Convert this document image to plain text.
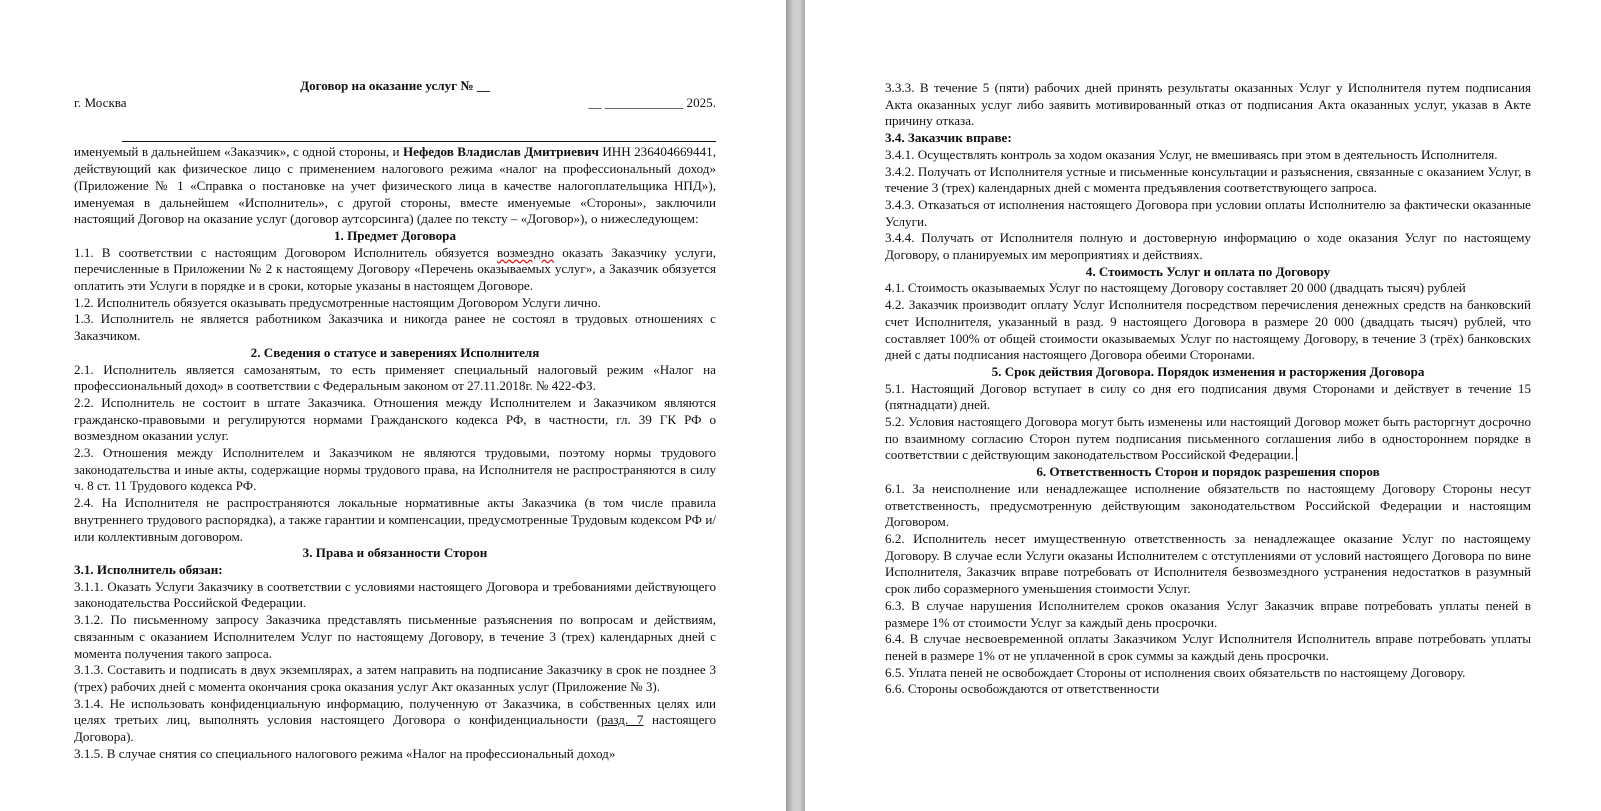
Договор на оказание услуг № __

г. Москва	__ ____________ 2025.

именуемый в дальнейшем «Заказчик», с одной стороны, и Нефедов Владислав Дмитриевич ИНН 236404669441, действующий как физическое лицо с применением налогового режима «налог на профессиональный доход» (Приложение № 1 «Справка о постановке на учет физического лица в качестве налогоплательщика НПД»), именуемая в дальнейшем «Исполнитель», с другой стороны, вместе именуемые «Стороны», заключили настоящий Договор на оказание услуг (договор аутсорсинга) (далее по тексту – «Договор»), о нижеследующем:

1. Предмет Договора

1.1. В соответствии с настоящим Договором Исполнитель обязуется возмездно оказать Заказчику услуги, перечисленные в Приложении № 2 к настоящему Договору «Перечень оказываемых услуг», а Заказчик обязуется оплатить эти Услуги в порядке и в сроки, которые указаны в настоящем Договоре.

1.2. Исполнитель обязуется оказывать предусмотренные настоящим Договором Услуги лично.

1.3. Исполнитель не является работником Заказчика и никогда ранее не состоял в трудовых отношениях с Заказчиком.

2. Сведения о статусе и заверениях Исполнителя

2.1. Исполнитель является самозанятым, то есть применяет специальный налоговый режим «Налог на профессиональный доход» в соответствии с Федеральным законом от 27.11.2018г. № 422-ФЗ.

2.2. Исполнитель не состоит в штате Заказчика. Отношения между Исполнителем и Заказчиком являются гражданско-правовыми и регулируются нормами Гражданского кодекса РФ, в частности, гл. 39 ГК РФ о возмездном оказании услуг.

2.3. Отношения между Исполнителем и Заказчиком не являются трудовыми, поэтому нормы трудового законодательства и иные акты, содержащие нормы трудового права, на Исполнителя не распространяются в силу ч. 8 ст. 11 Трудового кодекса РФ.

2.4. На Исполнителя не распространяются локальные нормативные акты Заказчика (в том числе правила внутреннего трудового распорядка), а также гарантии и компенсации, предусмотренные Трудовым кодексом РФ и/или коллективным договором.

3. Права и обязанности Сторон

3.1. Исполнитель обязан:

3.1.1. Оказать Услуги Заказчику в соответствии с условиями настоящего Договора и требованиями действующего законодательства Российской Федерации.

3.1.2. По письменному запросу Заказчика представлять письменные разъяснения по вопросам и действиям, связанным с оказанием Исполнителем Услуг по настоящему Договору, в течение 3 (трех) календарных дней с момента получения такого запроса.

3.1.3. Составить и подписать в двух экземплярах, а затем направить на подписание Заказчику в срок не позднее 3 (трех) рабочих дней с момента окончания срока оказания услуг Акт оказанных услуг (Приложение № 3).

3.1.4. Не использовать конфиденциальную информацию, полученную от Заказчика, в собственных целях или целях третьих лиц, выполнять условия настоящего Договора о конфиденциальности (разд. 7 настоящего Договора).

3.1.5. В случае снятия со специального налогового режима «Налог на профессиональный доход»

3.3.3. В течение 5 (пяти) рабочих дней принять результаты оказанных Услуг у Исполнителя путем подписания Акта оказанных услуг либо заявить мотивированный отказ от подписания Акта оказанных услуг, указав в Акте причину отказа.

3.4. Заказчик вправе:

3.4.1. Осуществлять контроль за ходом оказания Услуг, не вмешиваясь при этом в деятельность Исполнителя.

3.4.2. Получать от Исполнителя устные и письменные консультации и разъяснения, связанные с оказанием Услуг, в течение 3 (трех) календарных дней с момента предъявления соответствующего запроса.

3.4.3. Отказаться от исполнения настоящего Договора при условии оплаты Исполнителю за фактически оказанные Услуги.

3.4.4. Получать от Исполнителя полную и достоверную информацию о ходе оказания Услуг по настоящему Договору, о планируемых им мероприятиях и действиях.

4. Стоимость Услуг и оплата по Договору

4.1. Стоимость оказываемых Услуг по настоящему Договору составляет 20 000 (двадцать тысяч) рублей

4.2. Заказчик производит оплату Услуг Исполнителя посредством перечисления денежных средств на банковский счет Исполнителя, указанный в разд. 9 настоящего Договора в размере 20 000 (двадцать тысяч) рублей, что составляет 100% от общей стоимости оказываемых Услуг по настоящему Договору, в течение 3 (трёх) банковских дней с даты подписания настоящего Договора обеими Сторонами.

5. Срок действия Договора. Порядок изменения и расторжения Договора

5.1. Настоящий Договор вступает в силу со дня его подписания двумя Сторонами и действует в течение 15 (пятнадцати) дней.

5.2. Условия настоящего Договора могут быть изменены или настоящий Договор может быть расторгнут досрочно по взаимному согласию Сторон путем подписания письменного соглашения либо в одностороннем порядке в соответствии с действующим законодательством Российской Федерации.

6. Ответственность Сторон и порядок разрешения споров

6.1. За неисполнение или ненадлежащее исполнение обязательств по настоящему Договору Стороны несут ответственность, предусмотренную действующим законодательством Российской Федерации и настоящим Договором.

6.2. Исполнитель несет имущественную ответственность за ненадлежащее оказание Услуг по настоящему Договору. В случае если Услуги оказаны Исполнителем с отступлениями от условий настоящего Договора по вине Исполнителя, Заказчик вправе потребовать от Исполнителя безвозмездного устранения недостатков в разумный срок либо соразмерного уменьшения стоимости Услуг.

6.3. В случае нарушения Исполнителем сроков оказания Услуг Заказчик вправе потребовать уплаты пеней в размере 1% от стоимости Услуг за каждый день просрочки.

6.4. В случае несвоевременной оплаты Заказчиком Услуг Исполнителя Исполнитель вправе потребовать уплаты пеней в размере 1% от не уплаченной в срок суммы за каждый день просрочки.

6.5. Уплата пеней не освобождает Стороны от исполнения своих обязательств по настоящему Договору.

6.6. Стороны освобождаются от ответственности
